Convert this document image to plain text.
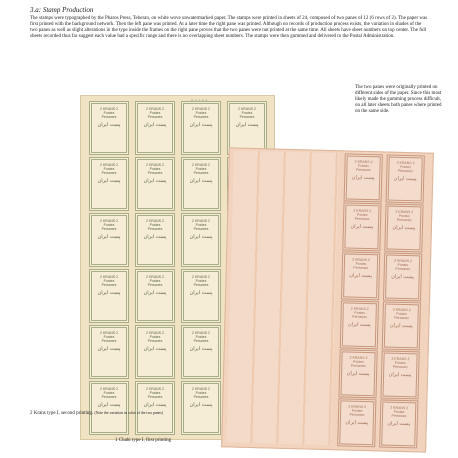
3.a: Stamp Production

The stamps were typographed by the Pharos Press, Teheran, on white wove unwatermarked paper. The stamps were printed in sheets of 24, composed of two panes of 12 (6 rows of 2). The paper was first printed with the background network. Then the left pane was printed. At a later time the right pane was printed. Although no records of production process exists, the variation in shades of the two panes as well as slight alterations in the type inside the frames on the right pane proves that the two panes were not printed at the same time. All sheets have sheet numbers on top center. The full sheets recorded thus far suggest each value had a specific range and there is no overlapping sheet numbers. The stamps were then gummed and delivered to the Postal Administration.

2 KRANS 2
Postes
Persanes
پست ایران
2 KRANS 2
Postes
Persanes
پست ایران
2 KRANS 2
Postes
Persanes
پست ایران
2 KRANS 2
Postes
Persanes
پست ایران
2 KRANS 2
Postes
Persanes
پست ایران
2 KRANS 2
Postes
Persanes
پست ایران
2 KRANS 2
Postes
Persanes
پست ایران
2 KRANS 2
Postes
Persanes
پست ایران
2 KRANS 2
Postes
Persanes
پست ایران
2 KRANS 2
Postes
Persanes
پست ایران
2 KRANS 2
Postes
Persanes
پست ایران
2 KRANS 2
Postes
Persanes
پست ایران
2 KRANS 2
Postes
Persanes
پست ایران
2 KRANS 2
Postes
Persanes
پست ایران
2 KRANS 2
Postes
Persanes
پست ایران
2 KRANS 2
Postes
Persanes
پست ایران
2 KRANS 2
Postes
Persanes
پست ایران
2 KRANS 2
Postes
Persanes
پست ایران
2 KRANS 2
Postes
Persanes
پست ایران
2 KRANS 2
Postes
Persanes
پست ایران
2 KRANS 2
Postes
Persanes
پست ایران
2 KRANS 2
Postes
Persanes
پست ایران
2 KRANS 2
Postes
Persanes
پست ایران
2 KRANS 2
Postes
Persanes
پست ایران
2 KRANS 2
Postes
Persanes
پست ایران
2 KRANS 2
Postes
Persanes
پست ایران
2 KRANS 2
Postes
Persanes
پست ایران
2 KRANS 2
Postes
Persanes
پست ایران
2 KRANS 2
Postes
Persanes
پست ایران
2 KRANS 2
Postes
Persanes
پست ایران
2 KRANS 2
Postes
Persanes
پست ایران

The two panes were originally printed on different sides of the paper. Since this most likely made the gumming process difficult, on all later sheets both panes where printed on the same side.

2 Krans type I, second printing. (Note the variation in color of the two panes)

1 Chahi type I, first printing
